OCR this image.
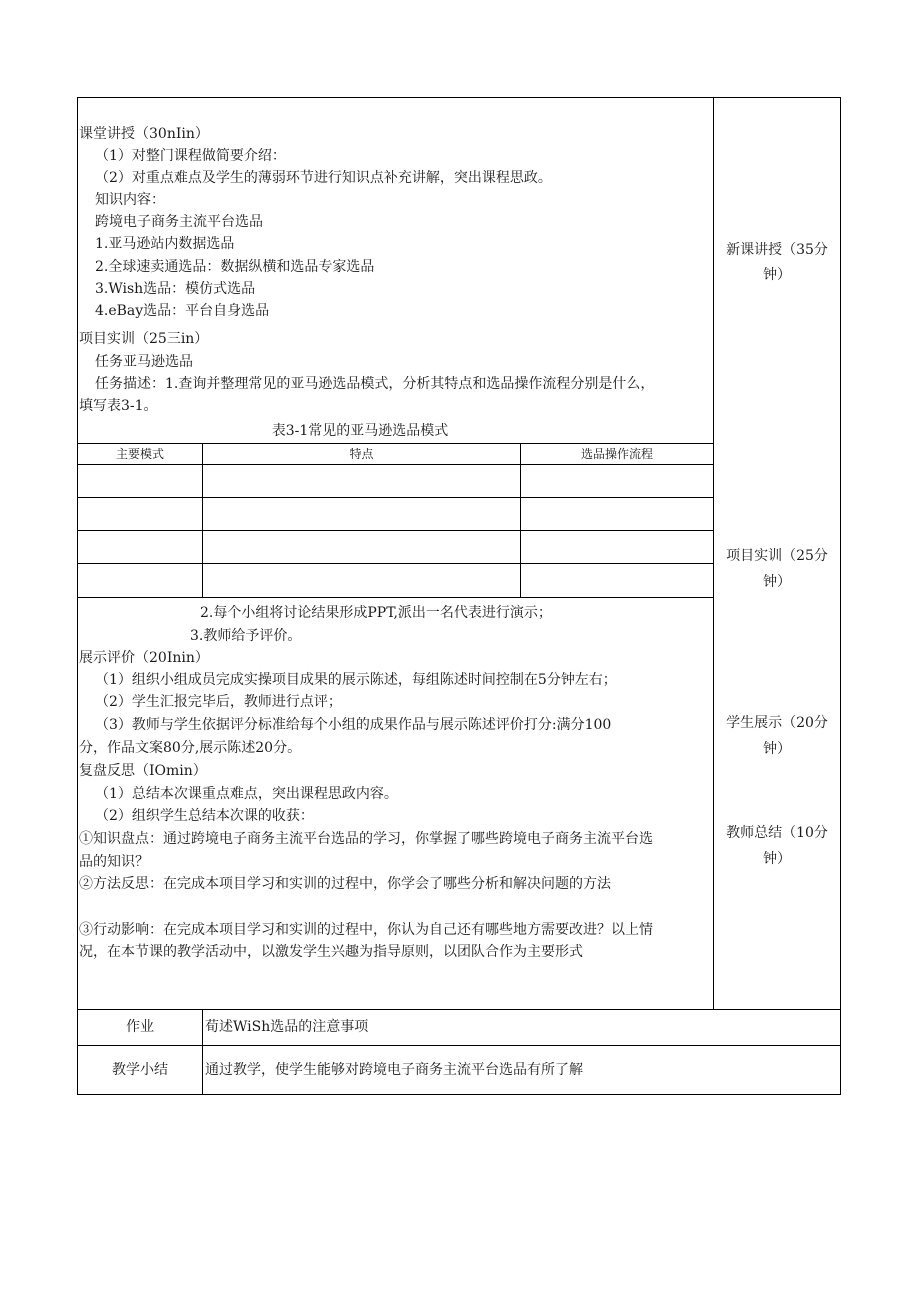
课堂讲授（30nIin）
（1）对整门课程做简要介绍：
（2）对重点难点及学生的薄弱环节进行知识点补充讲解，突出课程思政。
知识内容：
跨境电子商务主流平台选品
1.亚马逊站内数据选品
2.全球速卖通选品：数据纵横和选品专家选品
3.Wish选品：模仿式选品
4.eBay选品：平台自身选品
项目实训（25三in）
任务亚马逊选品
任务描述：1.查询并整理常见的亚马逊选品模式，分析其特点和选品操作流程分别是什么，
填写表3-1。
表3-1常见的亚马逊选品模式
主要模式	特点	选品操作流程
2.每个小组将讨论结果形成PPT,派出一名代表进行演示；
3.教师给予评价。
展示评价（20Inin）
（1）组织小组成员完成实操项目成果的展示陈述，每组陈述时间控制在5分钟左右；
（2）学生汇报完毕后，教师进行点评；
（3）教师与学生依据评分标准给每个小组的成果作品与展示陈述评价打分:满分100
分，作品文案80分,展示陈述20分。
复盘反思（IOmin）
（1）总结本次课重点难点，突出课程思政内容。
（2）组织学生总结本次课的收获：
①知识盘点：通过跨境电子商务主流平台选品的学习，你掌握了哪些跨境电子商务主流平台选
品的知识？
②方法反思：在完成本项目学习和实训的过程中，你学会了哪些分析和解决问题的方法
③行动影响：在完成本项目学习和实训的过程中，你认为自己还有哪些地方需要改进？以上情
况，在本节课的教学活动中，以激发学生兴趣为指导原则，以团队合作为主要形式
新课讲授（35分
钟）
项目实训（25分
钟）
学生展示（20分
钟）
教师总结（10分
钟）
作业	荀述WiSh选品的注意事项
教学小结	通过教学，使学生能够对跨境电子商务主流平台选品有所了解
